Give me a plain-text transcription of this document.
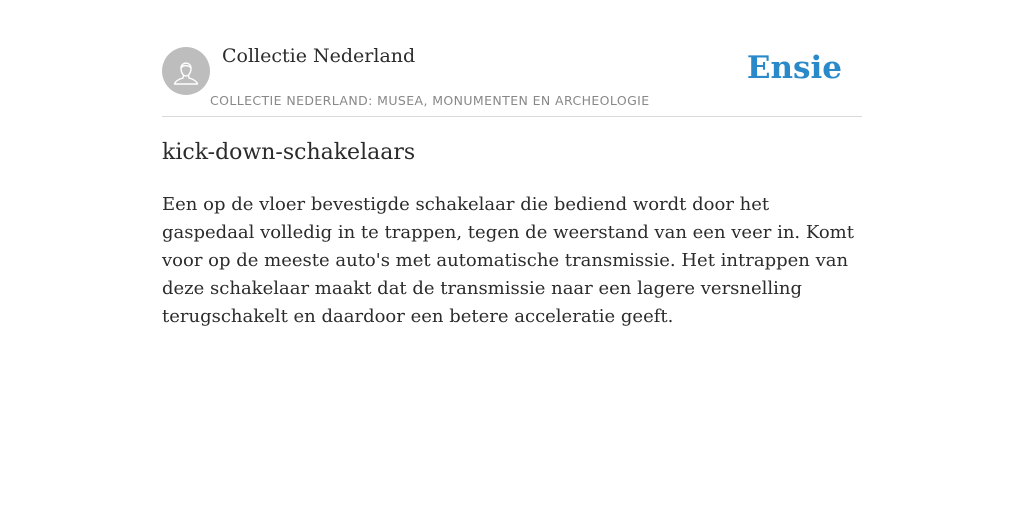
Collectie Nederland
COLLECTIE NEDERLAND: MUSEA, MONUMENTEN EN ARCHEOLOGIE
Ensie
kick-down-schakelaars

Een op de vloer bevestigde schakelaar die bediend wordt door het gaspedaal volledig in te trappen, tegen de weerstand van een veer in. Komt voor op de meeste auto's met automatische transmissie. Het intrappen van deze schakelaar maakt dat de transmissie naar een lagere versnelling terugschakelt en daardoor een betere acceleratie geeft.
